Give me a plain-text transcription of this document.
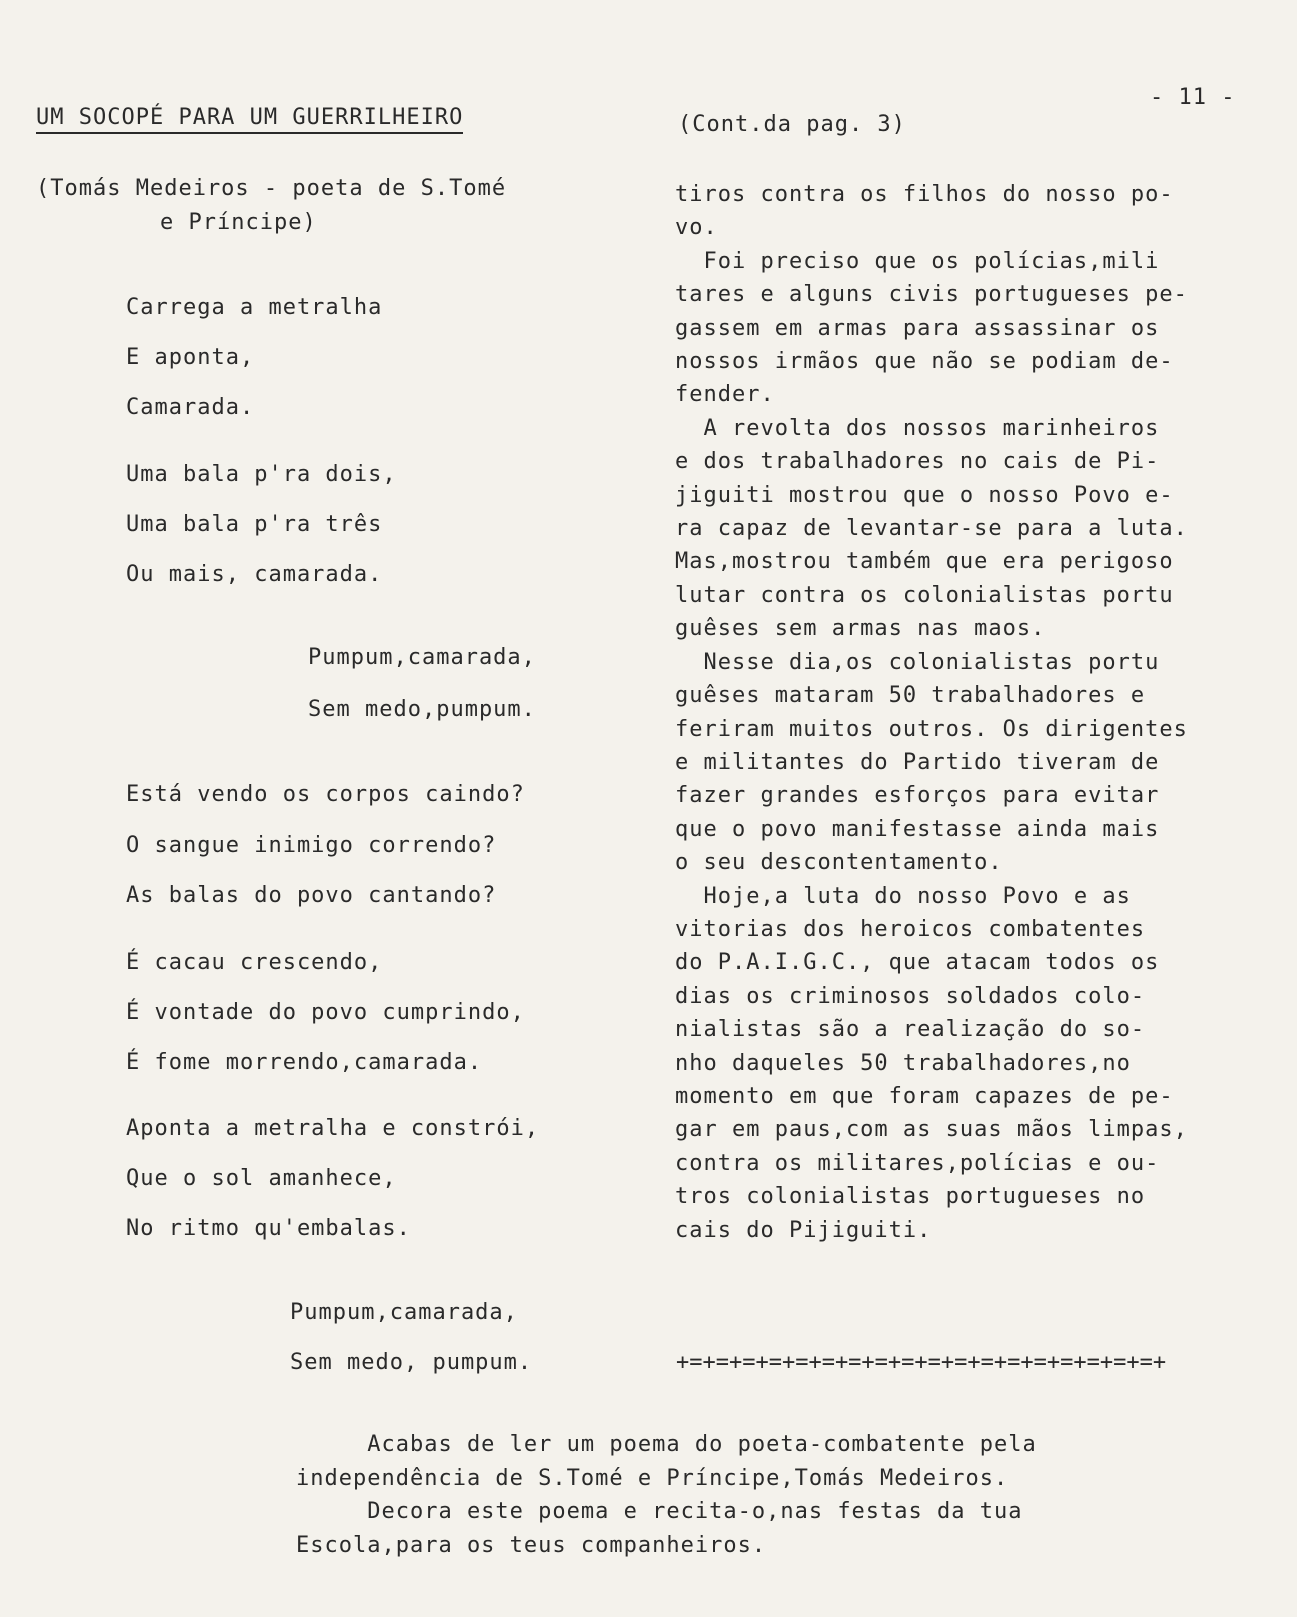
UM SOCOPÉ PARA UM GUERRILHEIRO
- 11 -
(Cont.da pag. 3)
(Tomás Medeiros - poeta de S.Tomé
e Príncipe)
Carrega a metralha
E aponta,
Camarada.
Uma bala p'ra dois,
Uma bala p'ra três
Ou mais, camarada.
Pumpum,camarada,
Sem medo,pumpum.
Está vendo os corpos caindo?
O sangue inimigo correndo?
As balas do povo cantando?
É cacau crescendo,
É vontade do povo cumprindo,
É fome morrendo,camarada.
Aponta a metralha e constrói,
Que o sol amanhece,
No ritmo qu'embalas.
Pumpum,camarada,
Sem medo, pumpum.
tiros contra os filhos do nosso po-
vo.
Foi preciso que os polícias,mili
tares e alguns civis portugueses pe-
gassem em armas para assassinar os
nossos irmãos que não se podiam de-
fender.
A revolta dos nossos marinheiros
e dos trabalhadores no cais de Pi-
jiguiti mostrou que o nosso Povo e-
ra capaz de levantar-se para a luta.
Mas,mostrou também que era perigoso
lutar contra os colonialistas portu
guêses sem armas nas maos.
Nesse dia,os colonialistas portu
guêses mataram 50 trabalhadores e
feriram muitos outros. Os dirigentes
e militantes do Partido tiveram de
fazer grandes esforços para evitar
que o povo manifestasse ainda mais
o seu descontentamento.
Hoje,a luta do nosso Povo e as
vitorias dos heroicos combatentes
do P.A.I.G.C., que atacam todos os
dias os criminosos soldados colo-
nialistas são a realização do so-
nho daqueles 50 trabalhadores,no
momento em que foram capazes de pe-
gar em paus,com as suas mãos limpas,
contra os militares,polícias e ou-
tros colonialistas portugueses no
cais do Pijiguiti.
+=+=+=+=+=+=+=+=+=+=+=+=+=+=+=+=+=+=+
Acabas de ler um poema do poeta-combatente pela
independência de S.Tomé e Príncipe,Tomás Medeiros.
Decora este poema e recita-o,nas festas da tua
Escola,para os teus companheiros.
